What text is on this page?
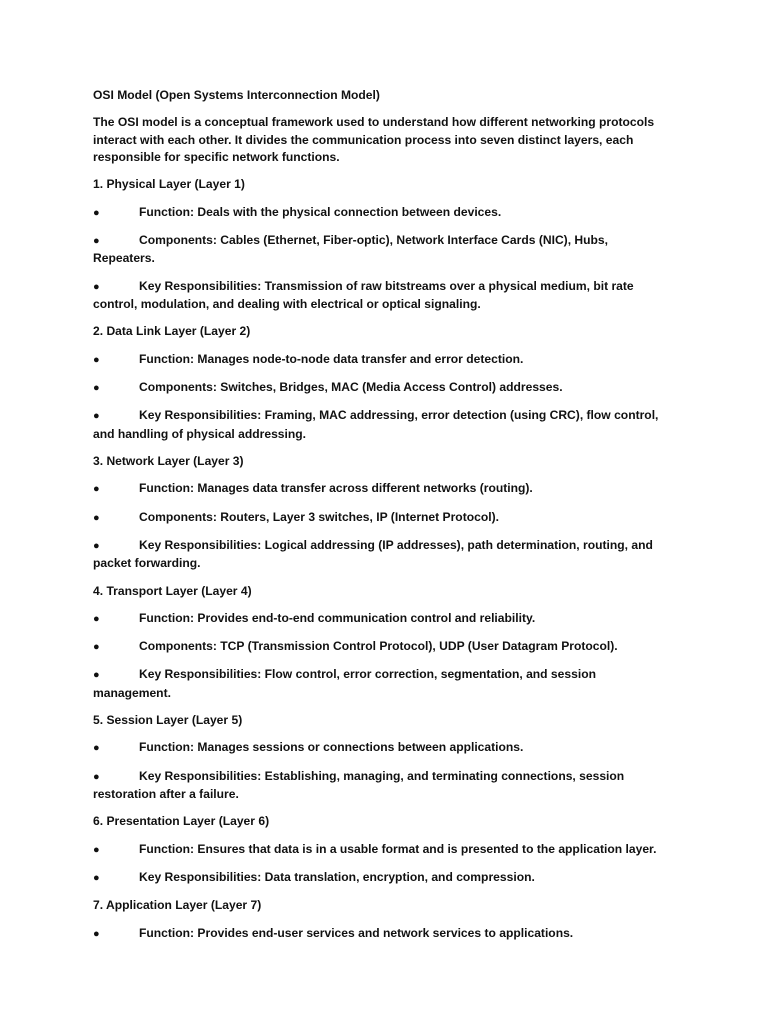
OSI Model (Open Systems Interconnection Model)

The OSI model is a conceptual framework used to understand how different networking protocols interact with each other. It divides the communication process into seven distinct layers, each responsible for specific network functions.

1. Physical Layer (Layer 1)

●	Function: Deals with the physical connection between devices.

●	Components: Cables (Ethernet, Fiber-optic), Network Interface Cards (NIC), Hubs, Repeaters.

●	Key Responsibilities: Transmission of raw bitstreams over a physical medium, bit rate control, modulation, and dealing with electrical or optical signaling.

2. Data Link Layer (Layer 2)

●	Function: Manages node-to-node data transfer and error detection.

●	Components: Switches, Bridges, MAC (Media Access Control) addresses.

●	Key Responsibilities: Framing, MAC addressing, error detection (using CRC), flow control, and handling of physical addressing.

3. Network Layer (Layer 3)

●	Function: Manages data transfer across different networks (routing).

●	Components: Routers, Layer 3 switches, IP (Internet Protocol).

●	Key Responsibilities: Logical addressing (IP addresses), path determination, routing, and packet forwarding.

4. Transport Layer (Layer 4)

●	Function: Provides end-to-end communication control and reliability.

●	Components: TCP (Transmission Control Protocol), UDP (User Datagram Protocol).

●	Key Responsibilities: Flow control, error correction, segmentation, and session management.

5. Session Layer (Layer 5)

●	Function: Manages sessions or connections between applications.

●	Key Responsibilities: Establishing, managing, and terminating connections, session restoration after a failure.

6. Presentation Layer (Layer 6)

●	Function: Ensures that data is in a usable format and is presented to the application layer.

●	Key Responsibilities: Data translation, encryption, and compression.

7. Application Layer (Layer 7)

●	Function: Provides end-user services and network services to applications.
